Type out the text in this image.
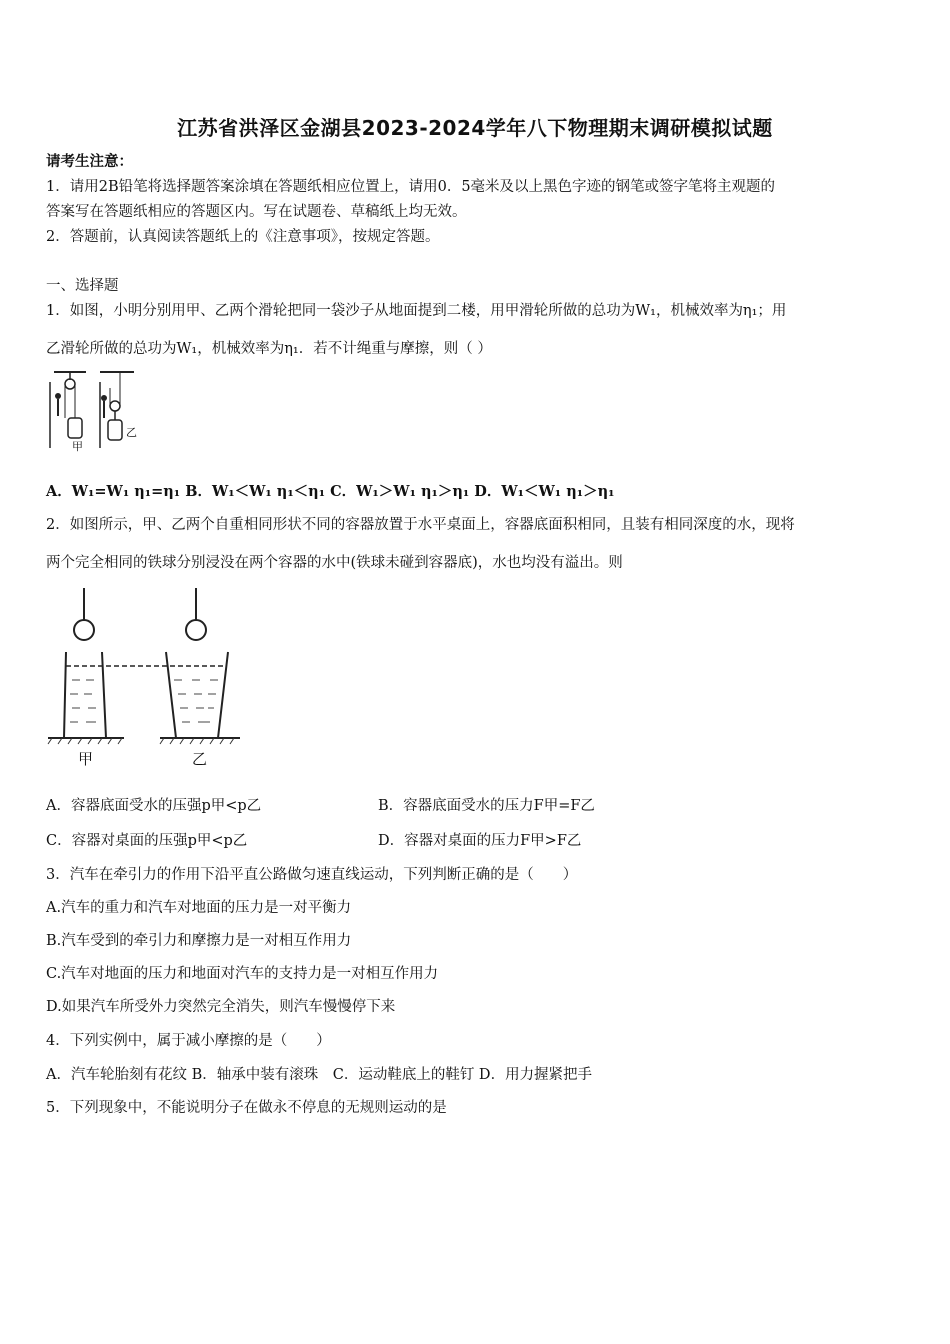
江苏省洪泽区金湖县2023-2024学年八下物理期末调研模拟试题
请考生注意：
1．请用2B铅笔将选择题答案涂填在答题纸相应位置上，请用0．5毫米及以上黑色字迹的钢笔或签字笔将主观题的
答案写在答题纸相应的答题区内。写在试题卷、草稿纸上均无效。
2．答题前，认真阅读答题纸上的《注意事项》，按规定答题。
一、选择题
1．如图，小明分别用甲、乙两个滑轮把同一袋沙子从地面提到二楼，用甲滑轮所做的总功为W₁，机械效率为η₁；用
乙滑轮所做的总功为W₁，机械效率为η₁．若不计绳重与摩擦，则（ ）
甲
乙
A．W₁=W₁ η₁=η₁ B．W₁＜W₁ η₁＜η₁ C．W₁＞W₁ η₁＞η₁ D．W₁＜W₁ η₁＞η₁
2．如图所示，甲、乙两个自重相同形状不同的容器放置于水平桌面上，容器底面积相同，且装有相同深度的水，现将
两个完全相同的铁球分别浸没在两个容器的水中(铁球未碰到容器底)，水也均没有溢出。则
甲	乙
A．容器底面受水的压强p甲<p乙	B．容器底面受水的压力F甲=F乙
C．容器对桌面的压强p甲<p乙	D．容器对桌面的压力F甲>F乙
3．汽车在牵引力的作用下沿平直公路做匀速直线运动，下列判断正确的是（　　）
A.汽车的重力和汽车对地面的压力是一对平衡力
B.汽车受到的牵引力和摩擦力是一对相互作用力
C.汽车对地面的压力和地面对汽车的支持力是一对相互作用力
D.如果汽车所受外力突然完全消失，则汽车慢慢停下来
4．下列实例中，属于减小摩擦的是（　　）
A．汽车轮胎刻有花纹 B．轴承中装有滚珠　C．运动鞋底上的鞋钉 D．用力握紧把手
5．下列现象中，不能说明分子在做永不停息的无规则运动的是
